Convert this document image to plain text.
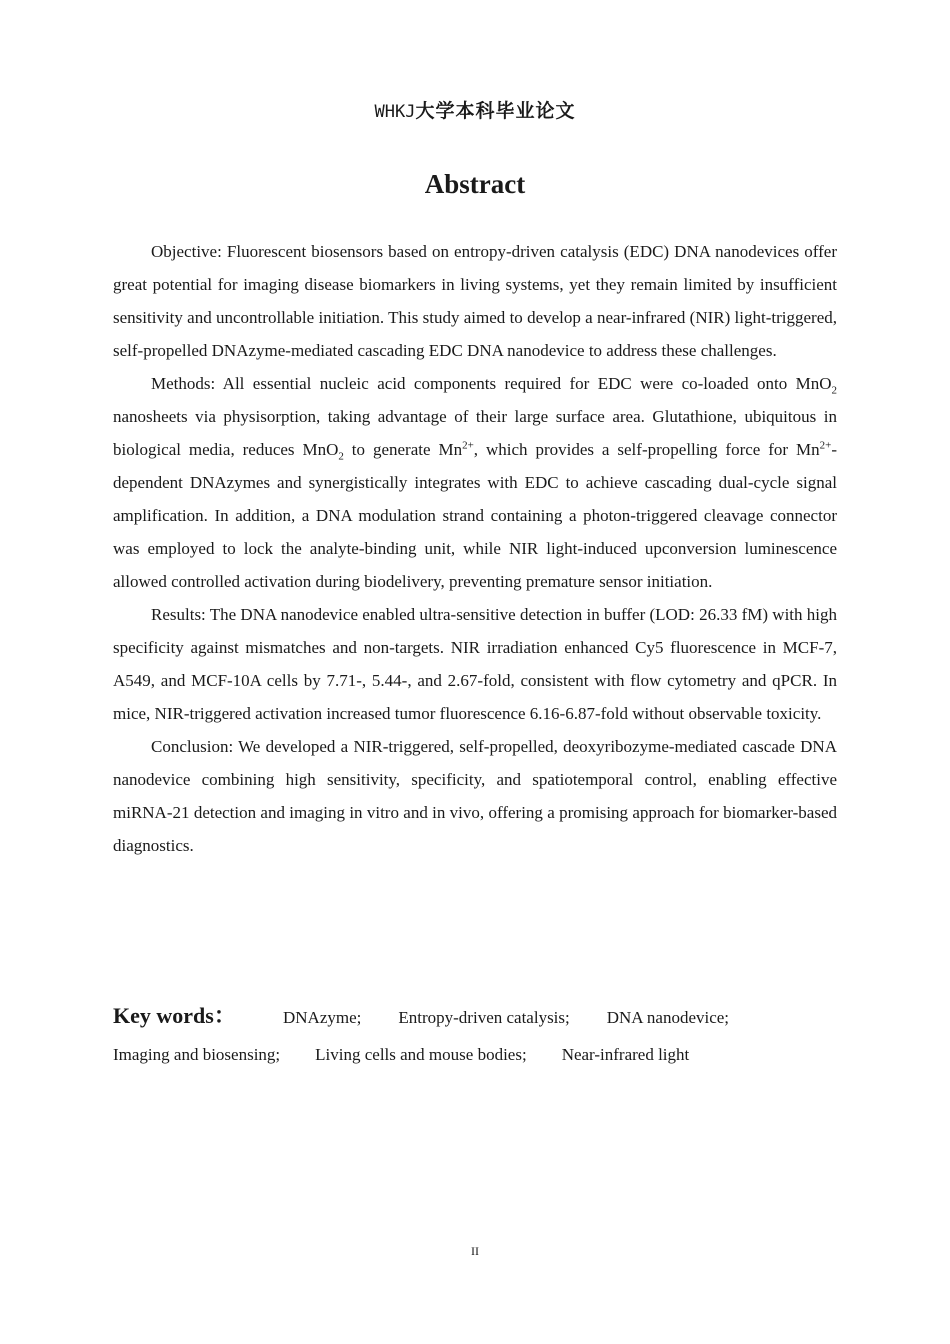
WHKJ大学本科毕业论文
Abstract

Objective: Fluorescent biosensors based on entropy-driven catalysis (EDC) DNA nanodevices offer great potential for imaging disease biomarkers in living systems, yet they remain limited by insufficient sensitivity and uncontrollable initiation. This study aimed to develop a near-infrared (NIR) light-triggered, self-propelled DNAzyme-mediated cascading EDC DNA nanodevice to address these challenges.

Methods: All essential nucleic acid components required for EDC were co-loaded onto MnO$_2$ nanosheets via physisorption, taking advantage of their large surface area. Glutathione, ubiquitous in biological media, reduces MnO$_2$ to generate $Mn^{2+}$, which provides a self-propelling force for $Mn^{2+}$-dependent DNAzymes and synergistically integrates with EDC to achieve cascading dual-cycle signal amplification. In addition, a DNA modulation strand containing a photon-triggered cleavage connector was employed to lock the analyte-binding unit, while NIR light-induced upconversion luminescence allowed controlled activation during biodelivery, preventing premature sensor initiation.

Results: The DNA nanodevice enabled ultra-sensitive detection in buffer (LOD: 26.33 fM) with high specificity against mismatches and non-targets. NIR irradiation enhanced Cy5 fluorescence in MCF-7, A549, and MCF-10A cells by 7.71-, 5.44-, and 2.67-fold, consistent with flow cytometry and qPCR. In mice, NIR-triggered activation increased tumor fluorescence 6.16-6.87-fold without observable toxicity.

Conclusion: We developed a NIR-triggered, self-propelled, deoxyribozyme-mediated cascade DNA nanodevice combining high sensitivity, specificity, and spatiotemporal control, enabling effective miRNA-21 detection and imaging in vitro and in vivo, offering a promising approach for biomarker-based diagnostics.

Key words：	DNAzyme; Entropy-driven catalysis; DNA nanodevice;
Imaging and biosensing; Living cells and mouse bodies; Near-infrared light
II
